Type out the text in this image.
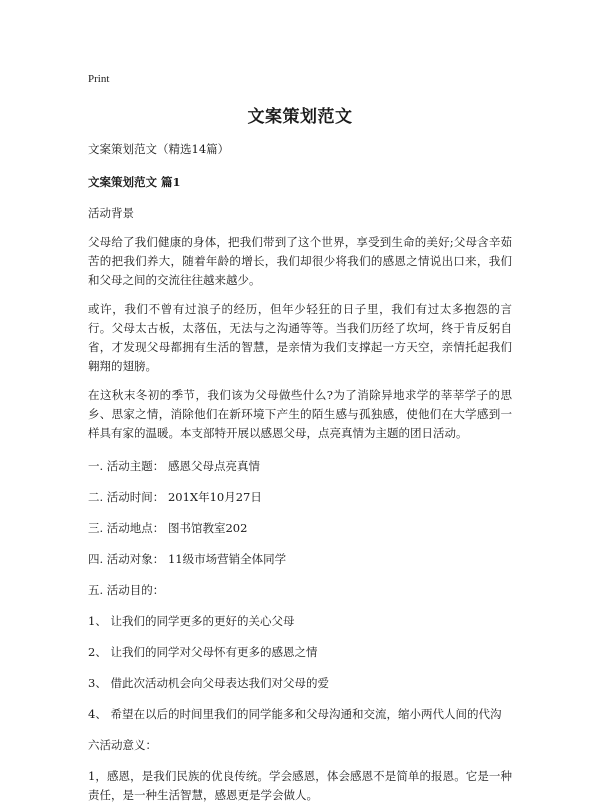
Print
文案策划范文
文案策划范文（精选14篇）
文案策划范文 篇1
活动背景
父母给了我们健康的身体，把我们带到了这个世界，享受到生命的美好;父母含辛茹苦的把我们养大，随着年龄的增长，我们却很少将我们的感恩之情说出口来，我们和父母之间的交流往往越来越少。
或许，我们不曾有过浪子的经历，但年少轻狂的日子里，我们有过太多抱怨的言行。父母太古板，太落伍，无法与之沟通等等。当我们历经了坎坷，终于肯反躬自省，才发现父母都拥有生活的智慧，是亲情为我们支撑起一方天空，亲情托起我们翱翔的翅膀。
在这秋末冬初的季节，我们该为父母做些什么?为了消除异地求学的莘莘学子的思乡、思家之情，消除他们在新环境下产生的陌生感与孤独感，使他们在大学感到一样具有家的温暖。本支部特开展以感恩父母，点亮真情为主题的团日活动。
一. 活动主题： 感恩父母点亮真情
二. 活动时间： 201X年10月27日
三. 活动地点： 图书馆教室202
四. 活动对象： 11级市场营销全体同学
五. 活动目的：
1、 让我们的同学更多的更好的关心父母
2、 让我们的同学对父母怀有更多的感恩之情
3、 借此次活动机会向父母表达我们对父母的爱
4、 希望在以后的时间里我们的同学能多和父母沟通和交流，缩小两代人间的代沟
六活动意义：
1，感恩，是我们民族的优良传统。学会感恩，体会感恩不是简单的报恩。它是一种责任，是一种生活智慧，感恩更是学会做人。
